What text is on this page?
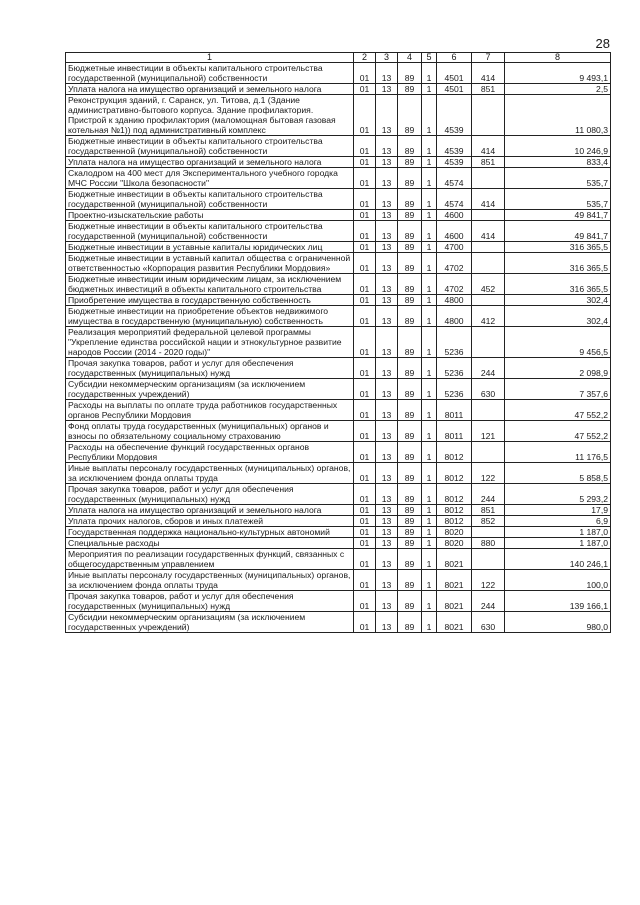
28
1	2	3	4	5	6	7	8
Бюджетные инвестиции в объекты капитального строительства государственной (муниципальной) собственности	01	13	89	1	4501	414	9 493,1
Уплата налога на имущество организаций и земельного налога	01	13	89	1	4501	851	2,5
Реконструкция зданий, г. Саранск, ул. Титова, д.1 (Здание административно-бытового корпуса. Здание профилактория. Пристрой к зданию профилактория (маломощная бытовая газовая котельная №1)) под административный комплекс	01	13	89	1	4539		11 080,3
Бюджетные инвестиции в объекты капитального строительства государственной (муниципальной) собственности	01	13	89	1	4539	414	10 246,9
Уплата налога на имущество организаций и земельного налога	01	13	89	1	4539	851	833,4
Скалодром на 400 мест для Экспериментального учебного городка МЧС России "Школа безопасности"	01	13	89	1	4574		535,7
Бюджетные инвестиции в объекты капитального строительства государственной (муниципальной) собственности	01	13	89	1	4574	414	535,7
Проектно-изыскательские работы	01	13	89	1	4600		49 841,7
Бюджетные инвестиции в объекты капитального строительства государственной (муниципальной) собственности	01	13	89	1	4600	414	49 841,7
Бюджетные инвестиции в уставные капиталы юридических лиц	01	13	89	1	4700		316 365,5
Бюджетные инвестиции в уставный капитал общества с ограниченной ответственностью «Корпорация развития Республики Мордовия»	01	13	89	1	4702		316 365,5
Бюджетные инвестиции иным юридическим лицам, за исключением бюджетных инвестиций в объекты капитального строительства	01	13	89	1	4702	452	316 365,5
Приобретение имущества в государственную собственность	01	13	89	1	4800		302,4
Бюджетные инвестиции на приобретение объектов недвижимого имущества в государственную (муниципальную) собственность	01	13	89	1	4800	412	302,4
Реализация мероприятий федеральной целевой программы "Укрепление единства российской нации и этнокультурное развитие народов России (2014 - 2020 годы)"	01	13	89	1	5236		9 456,5
Прочая закупка товаров, работ и услуг для обеспечения государственных (муниципальных) нужд	01	13	89	1	5236	244	2 098,9
Субсидии некоммерческим организациям (за исключением государственных учреждений)	01	13	89	1	5236	630	7 357,6
Расходы на выплаты по оплате труда работников государственных органов Республики Мордовия	01	13	89	1	8011		47 552,2
Фонд оплаты труда государственных (муниципальных) органов и взносы по обязательному социальному страхованию	01	13	89	1	8011	121	47 552,2
Расходы на обеспечение функций государственных органов Республики Мордовия	01	13	89	1	8012		11 176,5
Иные выплаты персоналу государственных (муниципальных) органов, за исключением фонда оплаты труда	01	13	89	1	8012	122	5 858,5
Прочая закупка товаров, работ и услуг для обеспечения государственных (муниципальных) нужд	01	13	89	1	8012	244	5 293,2
Уплата налога на имущество организаций и земельного налога	01	13	89	1	8012	851	17,9
Уплата прочих налогов, сборов и иных платежей	01	13	89	1	8012	852	6,9
Государственная поддержка национально-культурных автономий	01	13	89	1	8020		1 187,0
Специальные расходы	01	13	89	1	8020	880	1 187,0
Мероприятия по реализации государственных функций, связанных с общегосударственным управлением	01	13	89	1	8021		140 246,1
Иные выплаты персоналу государственных (муниципальных) органов, за исключением фонда оплаты труда	01	13	89	1	8021	122	100,0
Прочая закупка товаров, работ и услуг для обеспечения государственных (муниципальных) нужд	01	13	89	1	8021	244	139 166,1
Субсидии некоммерческим организациям (за исключением государственных учреждений)	01	13	89	1	8021	630	980,0
